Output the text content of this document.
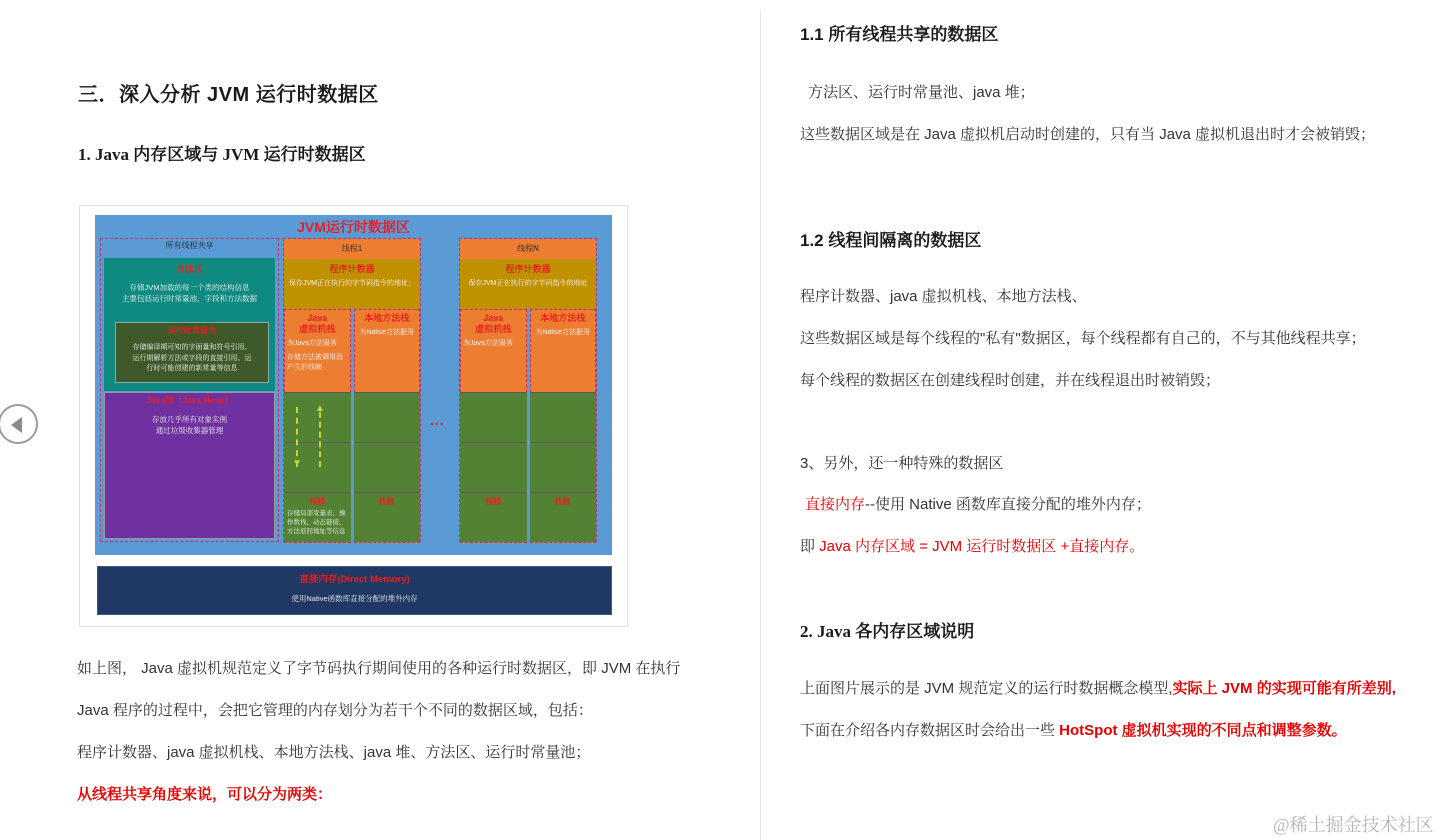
三．深入分析 JVM 运行时数据区
1. Java 内存区域与 JVM 运行时数据区
JVM运行时数据区
所有线程共享
方法区
存储JVM加载的每一个类的结构信息
主要包括运行时常量池、字段和方法数据
运行时常量池
存储编译期可知的字面量和符号引用、
运行期解析方法或字段的直接引用、运
行时可能创建的新常量等信息
Java堆（Java Heap）
存放几乎所有对象实例
通过垃圾收集器管理
线程1
程序计数器
保存JVM正在执行的字节码指令的地址；
Java
虚拟机栈
为Java方法服务
存储方法被调用而产生的栈帧
栈帧
存储局部变量表、操作数栈、动态链接、方法返回地址等信息
本地方法栈
为Native方法服务
栈帧
▼
▲
...
线程N
程序计数器
保存JVM正在执行的字节码指令的地址
Java
虚拟机栈
为Java方法服务
栈帧
本地方法栈
为Native方法服务
栈帧
直接内存(Direct Memory)
使用Native函数库直接分配的堆外内存
如上图， Java 虚拟机规范定义了字节码执行期间使用的各种运行时数据区，即 JVM 在执行
Java 程序的过程中，会把它管理的内存划分为若干个不同的数据区域，包括：
程序计数器、java 虚拟机栈、本地方法栈、java 堆、方法区、运行时常量池；
从线程共享角度来说，可以分为两类：
1.1 所有线程共享的数据区
方法区、运行时常量池、java 堆；
这些数据区域是在 Java 虚拟机启动时创建的，只有当 Java 虚拟机退出时才会被销毁；
1.2 线程间隔离的数据区
程序计数器、java 虚拟机栈、本地方法栈、
这些数据区域是每个线程的"私有"数据区，每个线程都有自己的，不与其他线程共享；
每个线程的数据区在创建线程时创建，并在线程退出时被销毁；
3、另外，还一种特殊的数据区
直接内存--使用 Native 函数库直接分配的堆外内存；
即 Java 内存区域 = JVM 运行时数据区 +直接内存。
2. Java 各内存区域说明
上面图片展示的是 JVM 规范定义的运行时数据概念模型,实际上 JVM 的实现可能有所差别,
下面在介绍各内存数据区时会给出一些 HotSpot 虚拟机实现的不同点和调整参数。
@稀土掘金技术社区
